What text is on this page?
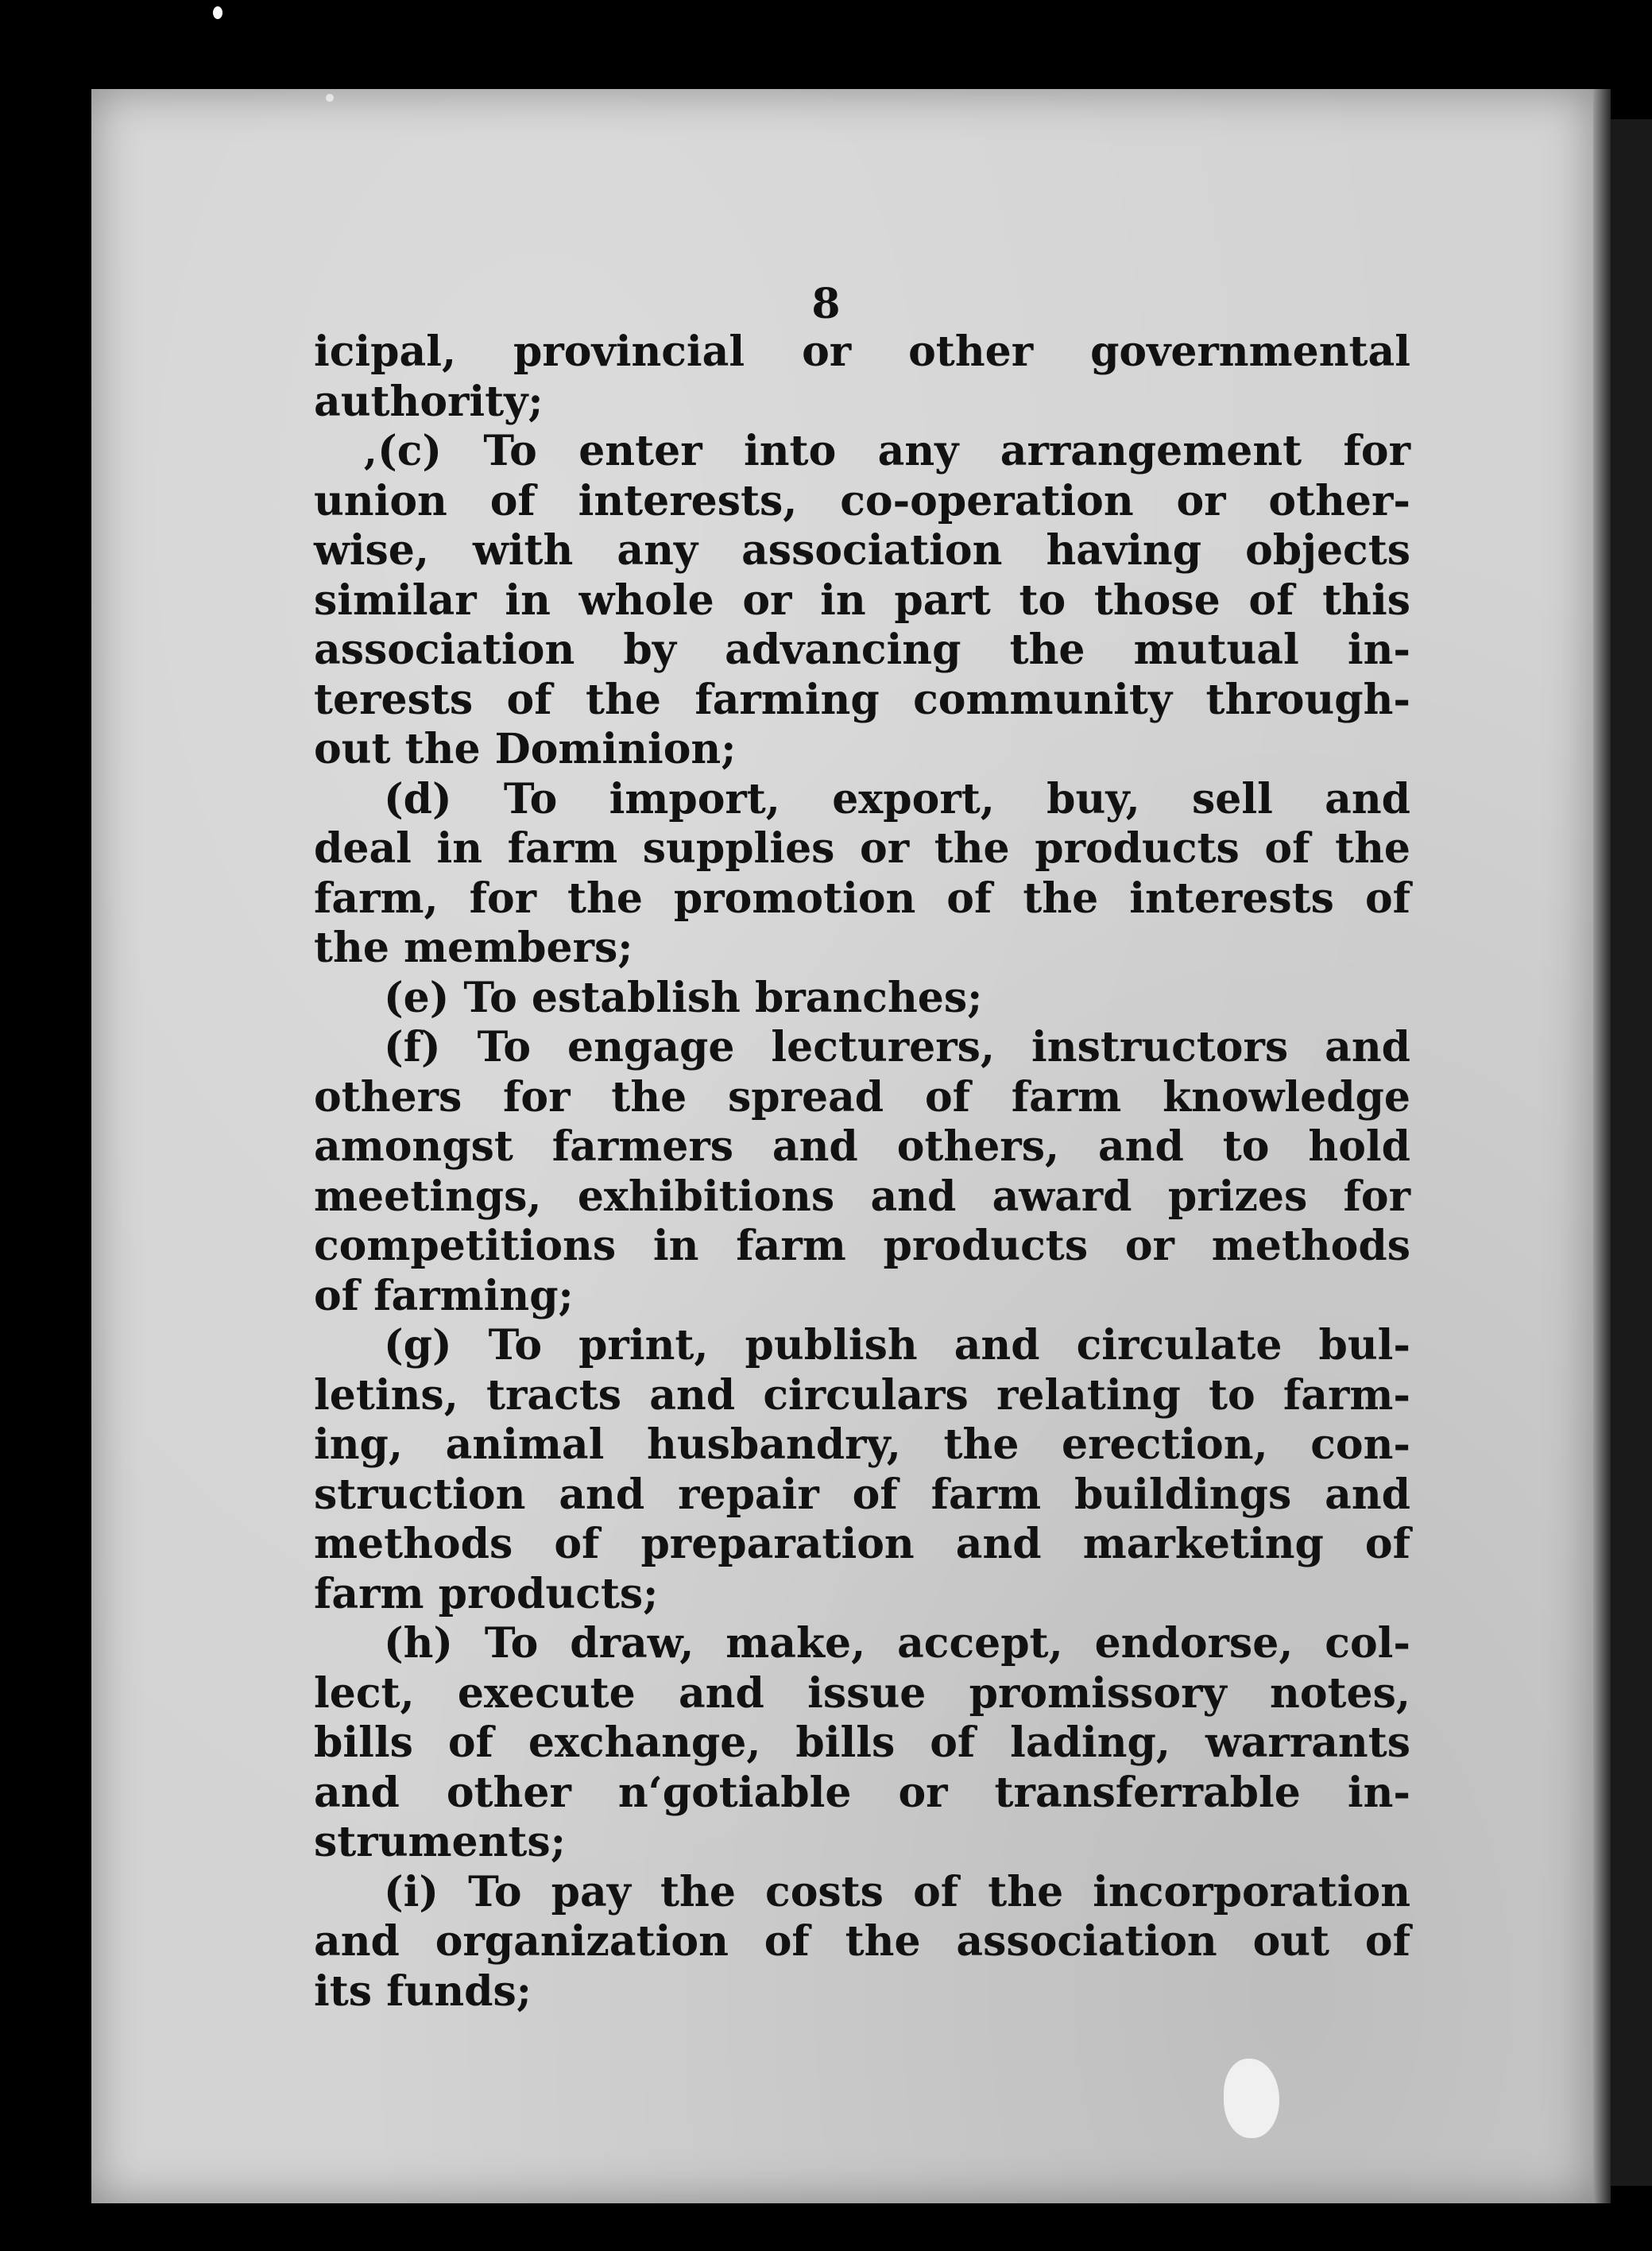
8
icipal, provincial or other governmental
authority;
‚(c) To enter into any arrangement for
union of interests, co-operation or other-
wise, with any association having objects
similar in whole or in part to those of this
association by advancing the mutual in-
terests of the farming community through-
out the Dominion;
(d) To import, export, buy, sell and
deal in farm supplies or the products of the
farm, for the promotion of the interests of
the members;
(e) To establish branches;
(f) To engage lecturers, instructors and
others for the spread of farm knowledge
amongst farmers and others, and to hold
meetings, exhibitions and award prizes for
competitions in farm products or methods
of farming;
(g) To print, publish and circulate bul-
letins, tracts and circulars relating to farm-
ing, animal husbandry, the erection, con-
struction and repair of farm buildings and
methods of preparation and marketing of
farm products;
(h) To draw, make, accept, endorse, col-
lect, execute and issue promissory notes,
bills of exchange, bills of lading, warrants
and other nʻɡotiable or transferrable in-
struments;
(i) To pay the costs of the incorporation
and organization of the association out of
its funds;
